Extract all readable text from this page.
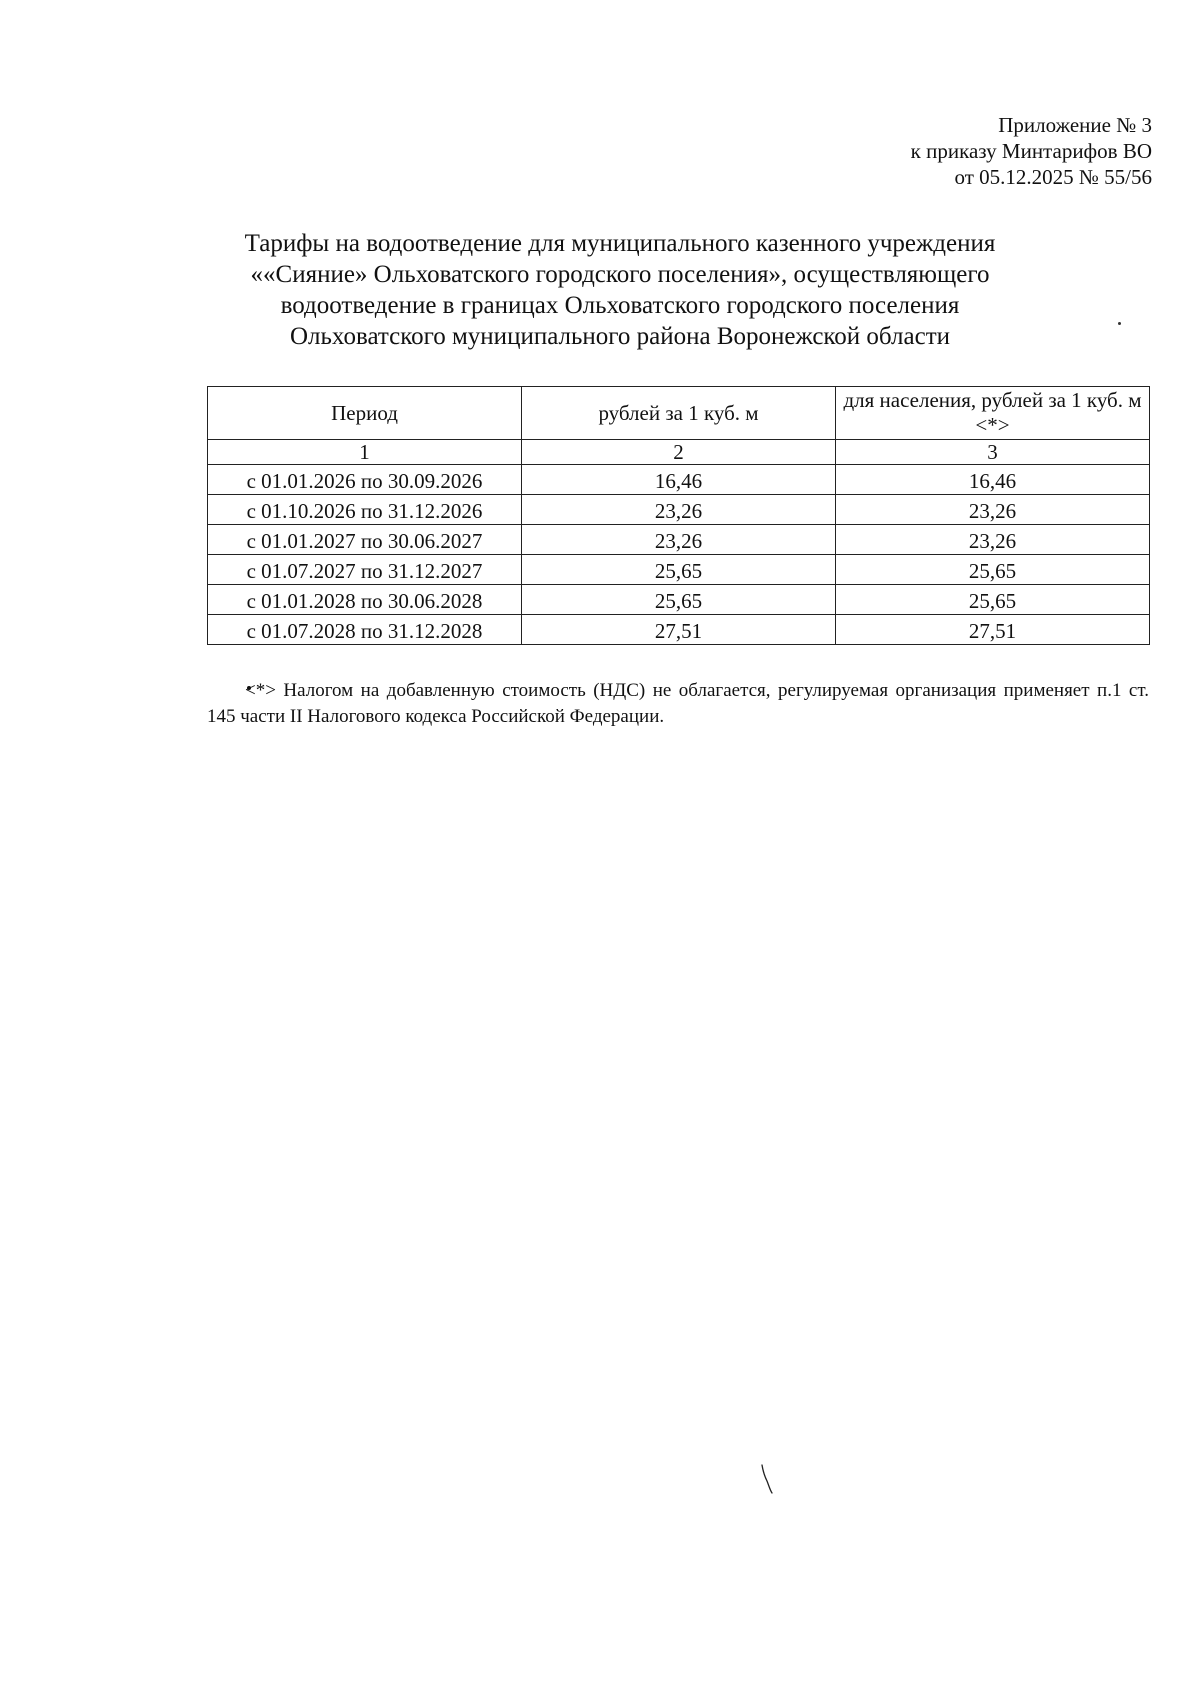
Приложение № 3
к приказу Минтарифов ВО
от 05.12.2025 № 55/56
Тарифы на водоотведение для муниципального казенного учреждения
««Сияние» Ольховатского городского поселения», осуществляющего
водоотведение в границах Ольховатского городского поселения
Ольховатского муниципального района Воронежской области
Период	рублей за 1 куб. м	для населения, рублей за 1 куб. м <*>
1	2	3
с 01.01.2026 по 30.09.2026	16,46	16,46
с 01.10.2026 по 31.12.2026	23,26	23,26
с 01.01.2027 по 30.06.2027	23,26	23,26
с 01.07.2027 по 31.12.2027	25,65	25,65
с 01.01.2028 по 30.06.2028	25,65	25,65
с 01.07.2028 по 31.12.2028	27,51	27,51
<*> Налогом на добавленную стоимость (НДС) не облагается, регулируемая организация применяет п.1 ст. 145 части II Налогового кодекса Российской Федерации.
